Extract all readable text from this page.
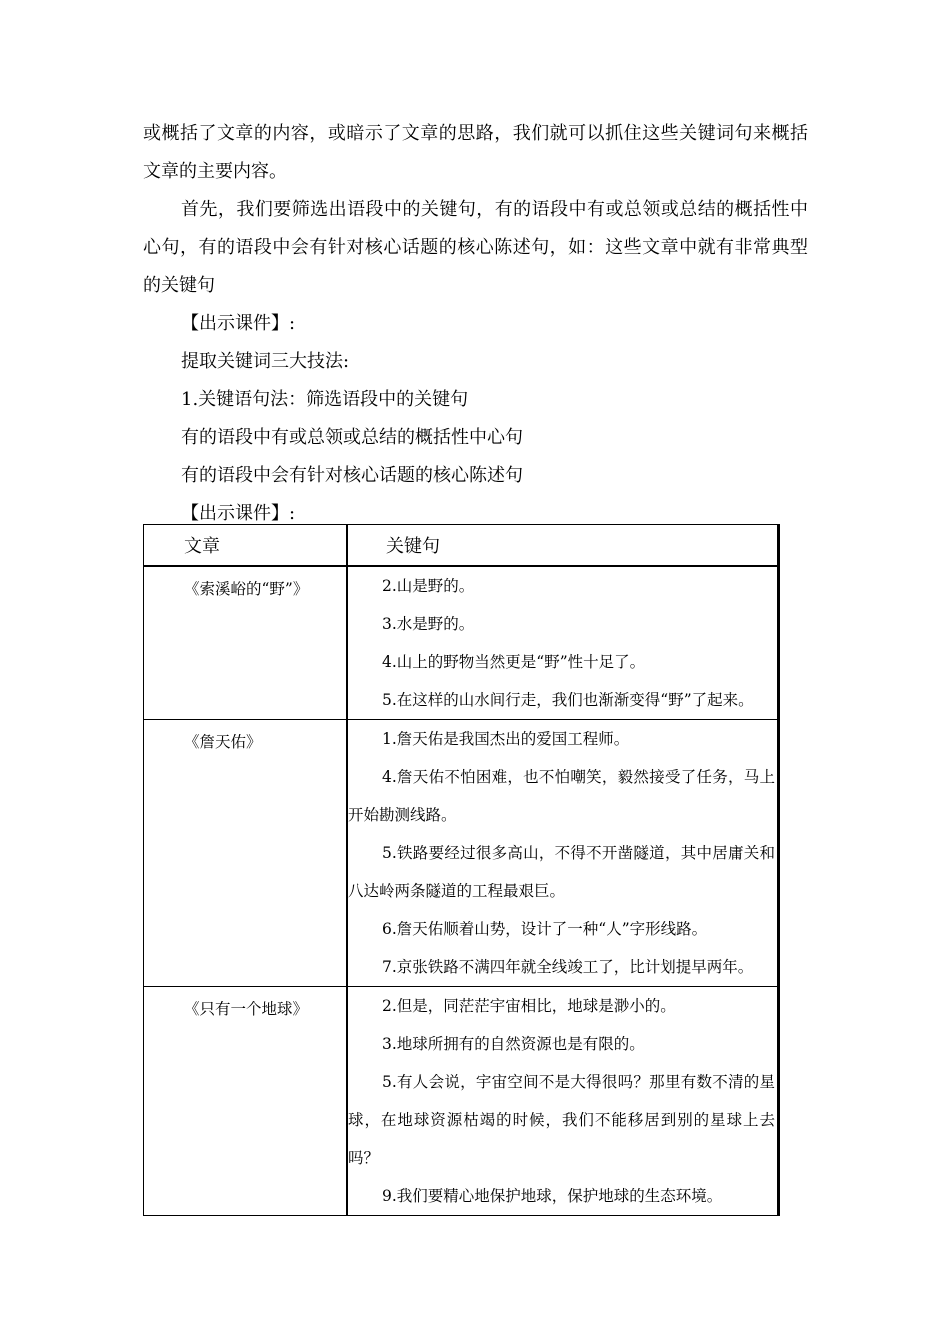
或概括了文章的内容，或暗示了文章的思路，我们就可以抓住这些关键词句来概括文章的主要内容。

首先，我们要筛选出语段中的关键句，有的语段中有或总领或总结的概括性中心句，有的语段中会有针对核心话题的核心陈述句，如：这些文章中就有非常典型的关键句

【出示课件】:

提取关键词三大技法:

1.关键语句法：筛选语段中的关键句

有的语段中有或总领或总结的概括性中心句

有的语段中会有针对核心话题的核心陈述句

【出示课件】:

文章	关键句

《索溪峪的“野”》	2.山是野的。

3.水是野的。

4.山上的野物当然更是“野”性十足了。

5.在这样的山水间行走，我们也渐渐变得“野”了起来。

《詹天佑》	1.詹天佑是我国杰出的爱国工程师。

4.詹天佑不怕困难，也不怕嘲笑，毅然接受了任务，马上开始勘测线路。

5.铁路要经过很多高山，不得不开凿隧道，其中居庸关和八达岭两条隧道的工程最艰巨。

6.詹天佑顺着山势，设计了一种“人”字形线路。

7.京张铁路不满四年就全线竣工了，比计划提早两年。

《只有一个地球》	2.但是，同茫茫宇宙相比，地球是渺小的。

3.地球所拥有的自然资源也是有限的。

5.有人会说，宇宙空间不是大得很吗？那里有数不清的星球，在地球资源枯竭的时候，我们不能移居到别的星球上去吗？

9.我们要精心地保护地球，保护地球的生态环境。
